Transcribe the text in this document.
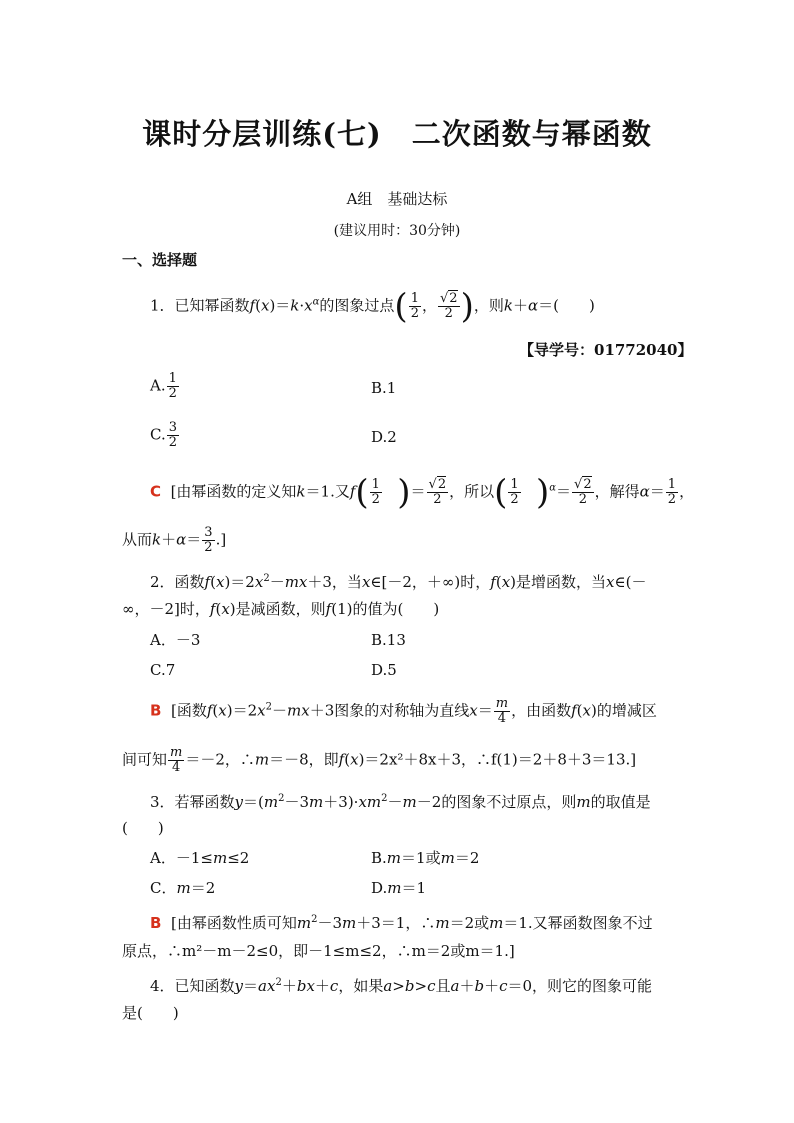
课时分层训练(七)　二次函数与幂函数
A组　基础达标
(建议用时：30分钟)
一、选择题
1．已知幂函数$f(x)=k\cdot x^\alpha$的图象过点( $\frac{1}{2}$ ， $\frac{√2}{2}$ )，则k＋α＝(　　)
【导学号：01772040】
A. $\frac{1}{2}$	B.1
C. $\frac{3}{2}$	D.2
C [由幂函数的定义知k＝1.又$f( \frac{1}{2}$ )＝ $\frac{√2}{2}$ ，所以( $\frac{1}{2} )^\alpha= \frac{√2}{2}$ ，解得$\alpha= \frac{1}{2}$ ，
从而$k+\alpha= \frac{3}{2}$ .]
2．函数$f(x)=2x^2-mx+3$，当x∈[－2，＋∞)时，f(x)是增函数，当x∈(－
∞，－2]时，f(x)是减函数，则f(1)的值为(　　)
A．－3	B.13
C.7	D.5
B [函数$f(x)=2x^2-mx+3$图象的对称轴为直线$x= \frac{m}{4}$ ，由函数f(x)的增减区
间可知 $\frac{m}{4} =-2$，∴m＝－8，即f(x)＝2x²＋8x＋3，∴f(1)＝2＋8＋3＝13.]
3．若幂函数$y=(m^2-3m+3)\cdot xm^2-m-2$的图象不过原点，则m的取值是
(　　)
A．－1≤m≤2	B.m＝1或m＝2
C．m＝2	D.m＝1
B [由幂函数性质可知$m^2-3m+3=1$，∴m＝2或m＝1.又幂函数图象不过
原点，∴m²－m－2≤0，即－1≤m≤2，∴m＝2或m＝1.]
4．已知函数$y=ax^2+bx+c$，如果a>b>c且a＋b＋c＝0，则它的图象可能
是(　　)
